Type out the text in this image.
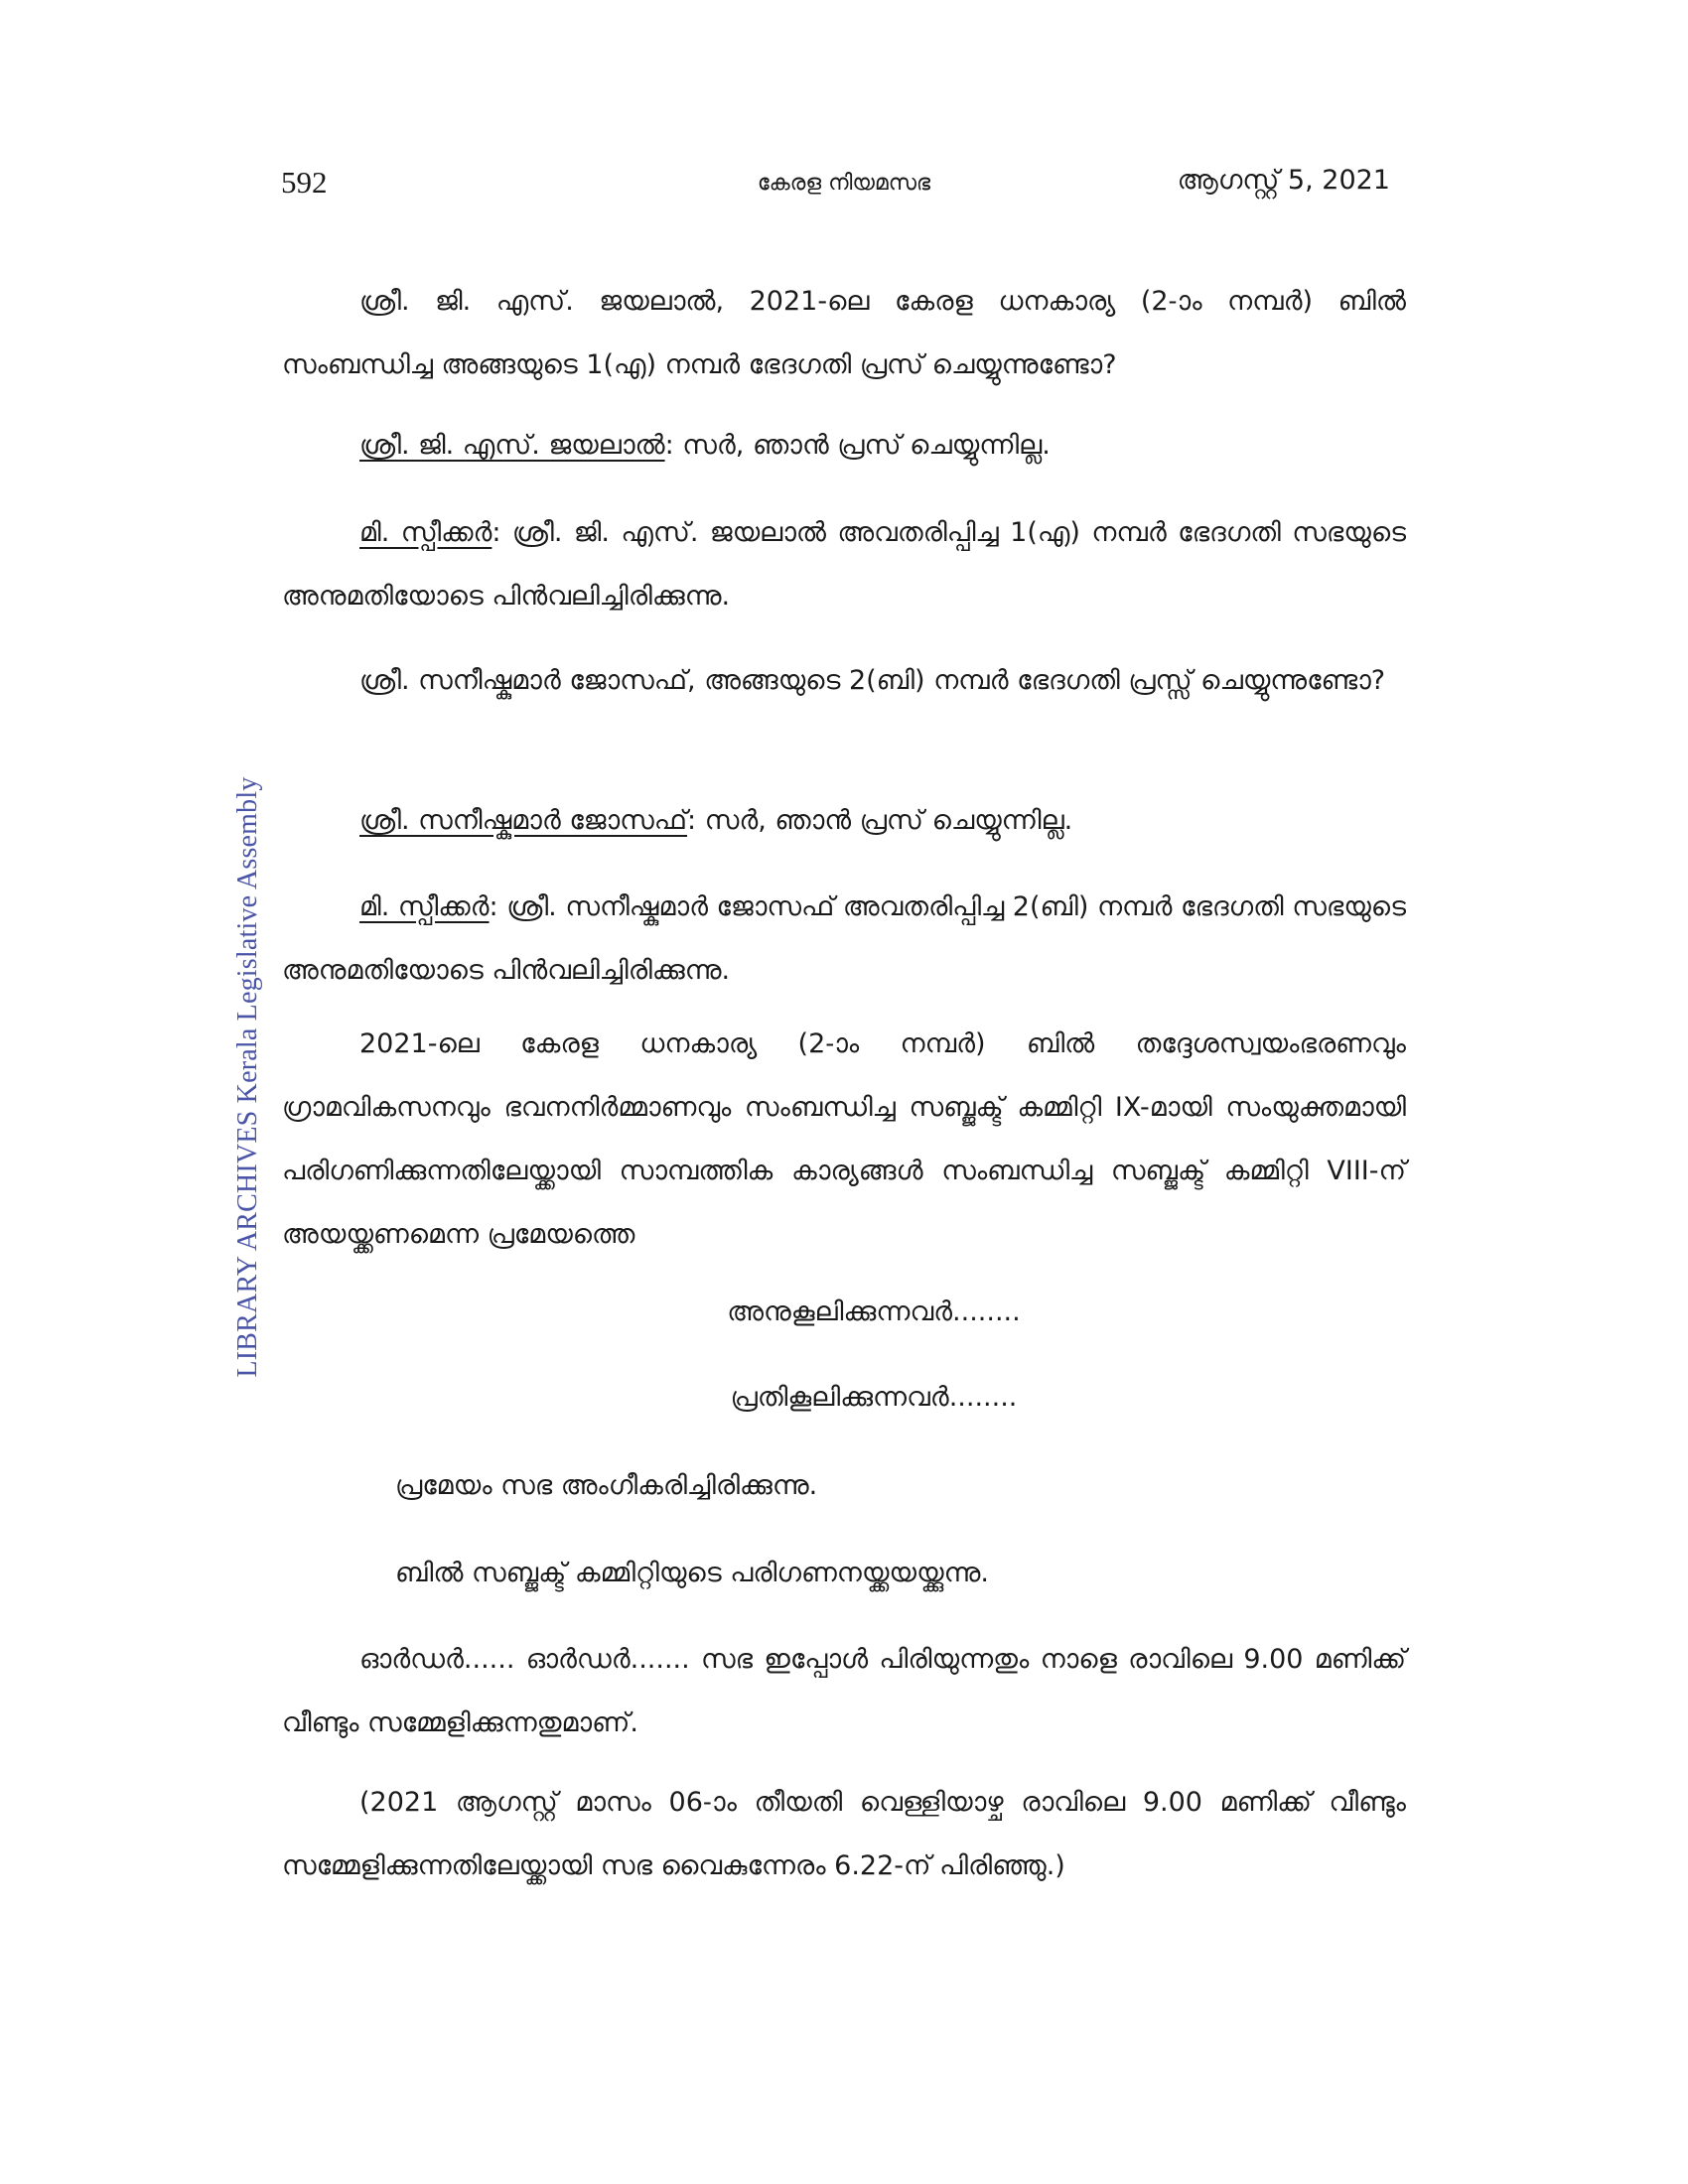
592	കേരള നിയമസഭ	ആഗസ്റ്റ് 5, 2021
LIBRARY ARCHIVES Kerala Legislative Assembly
ശ്രീ. ജി. എസ്. ജയലാൽ, 2021-ലെ കേരള ധനകാര്യ (2-ാം നമ്പർ) ബിൽ സംബന്ധിച്ച അങ്ങയുടെ 1(എ) നമ്പർ ഭേദഗതി പ്രസ് ചെയ്യുന്നുണ്ടോ?
ശ്രീ. ജി. എസ്. ജയലാൽ: സർ, ഞാൻ പ്രസ് ചെയ്യുന്നില്ല.
മി. സ്പീക്കർ: ശ്രീ. ജി. എസ്. ജയലാൽ അവതരിപ്പിച്ച 1(എ) നമ്പർ ഭേദഗതി സഭയുടെ അനുമതിയോടെ പിൻവലിച്ചിരിക്കുന്നു.
ശ്രീ. സനീഷ്കുമാർ ജോസഫ്, അങ്ങയുടെ 2(ബി) നമ്പർ ഭേദഗതി പ്രസ്സ് ചെയ്യുന്നുണ്ടോ?
ശ്രീ. സനീഷ്കുമാർ ജോസഫ്: സർ, ഞാൻ പ്രസ് ചെയ്യുന്നില്ല.
മി. സ്പീക്കർ: ശ്രീ. സനീഷ്കുമാർ ജോസഫ് അവതരിപ്പിച്ച 2(ബി) നമ്പർ ഭേദഗതി സഭയുടെ അനുമതിയോടെ പിൻവലിച്ചിരിക്കുന്നു.
2021-ലെ കേരള ധനകാര്യ (2-ാം നമ്പർ) ബിൽ തദ്ദേശസ്വയംഭരണവും ഗ്രാമവികസനവും ഭവനനിർമ്മാണവും സംബന്ധിച്ച സബ്ജക്ട് കമ്മിറ്റി IX-മായി സംയുക്തമായി പരിഗണിക്കുന്നതിലേയ്ക്കായി സാമ്പത്തിക കാര്യങ്ങൾ സംബന്ധിച്ച സബ്ജക്ട് കമ്മിറ്റി VIII-ന് അയയ്ക്കണമെന്ന പ്രമേയത്തെ
അനുകൂലിക്കുന്നവർ........
പ്രതികൂലിക്കുന്നവർ........
പ്രമേയം സഭ അംഗീകരിച്ചിരിക്കുന്നു.
ബിൽ സബ്ജക്ട് കമ്മിറ്റിയുടെ പരിഗണനയ്ക്കയയ്ക്കുന്നു.
ഓർഡർ...... ഓർഡർ....... സഭ ഇപ്പോൾ പിരിയുന്നതും നാളെ രാവിലെ 9.00 മണിക്ക് വീണ്ടും സമ്മേളിക്കുന്നതുമാണ്.
(2021 ആഗസ്റ്റ് മാസം 06-ാം തീയതി വെള്ളിയാഴ്ച രാവിലെ 9.00 മണിക്ക് വീണ്ടും സമ്മേളിക്കുന്നതിലേയ്ക്കായി സഭ വൈകുന്നേരം 6.22-ന് പിരിഞ്ഞു.)
